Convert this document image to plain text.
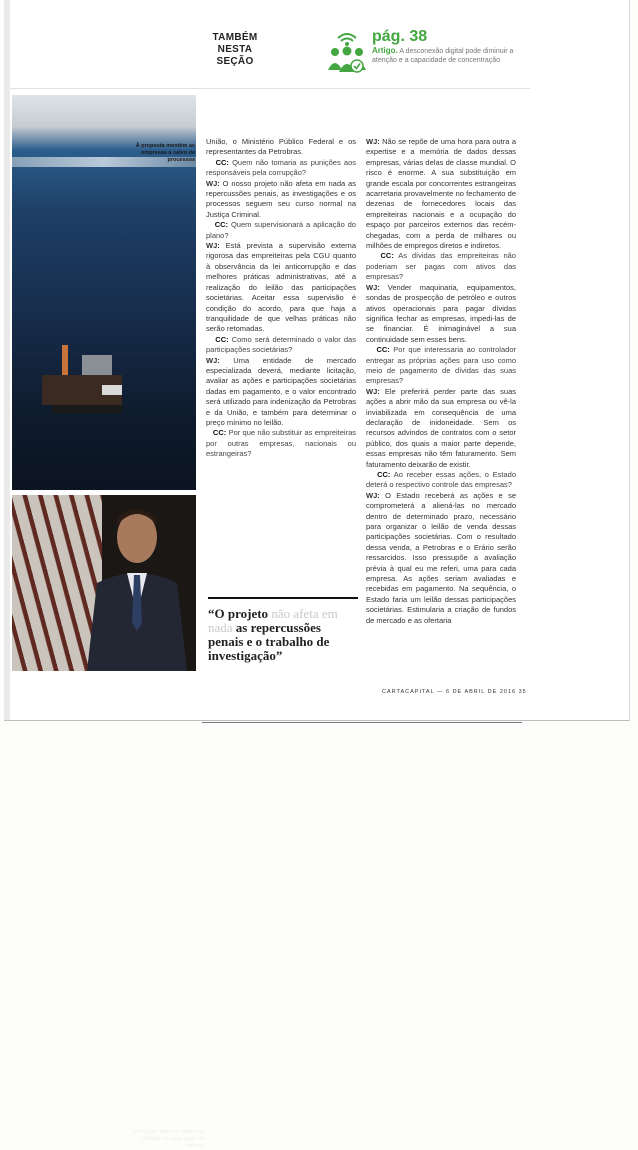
TAMBÉM
NESTA
SEÇÃO
pág. 38
Artigo. A desconexão digital pode diminuir a atenção e a capacidade de concentração
À proposta mentém as empresas à salvo de processos
Instruções finais às ações de verdade de cada parte do tribunal

União, o Ministério Público Federal e os representantes da Petrobras.

CC: Quem não tomaria as punições aos responsáveis pela corrupção?

WJ: O nosso projeto não afeta em nada as repercussões penais, as investigações e os processos seguem seu curso normal na Justiça Criminal.

CC: Quem supervisionará a aplicação do plano?

WJ: Está prevista a supervisão externa rigorosa das empreiteiras pela CGU quanto à observância da lei anticorrupção e das melhores práticas administrativas, até a realização do leilão das participações societárias. Aceitar essa supervisão é condição do acordo, para que haja a tranquilidade de que velhas práticas não serão retomadas.

CC: Como será determinado o valor das participações societárias?

WJ: Uma entidade de mercado especializada deverá, mediante licitação, avaliar as ações e participações societárias dadas em pagamento, e o valor encontrado será utilizado para indenização da Petrobras e da União, e também para determinar o preço mínimo no leilão.

CC: Por que não substituir as empreiteiras por outras empresas, nacionais ou estrangeiras?

WJ: Não se repõe de uma hora para outra a expertise e a memória de dados dessas empresas, várias delas de classe mundial. O risco é enorme. A sua substituição em grande escala por concorrentes estrangeiras acarretaria provavelmente no fechamento de dezenas de fornecedores locais das empreiteiras nacionais e a ocupação do espaço por parceiros externos das recém-chegadas, com a perda de milhares ou milhões de empregos diretos e indiretos.

CC: As dívidas das empreiteiras não poderiam ser pagas com ativos das empresas?

WJ: Vender maquinaria, equipamentos, sondas de prospecção de petróleo e outros ativos operacionais para pagar dívidas significa fechar as empresas, impedi-las de se financiar. É inimaginável a sua continuidade sem esses bens.

CC: Por que interessaria ao controlador entregar as próprias ações para uso como meio de pagamento de dívidas das suas empresas?

WJ: Ele preferirá perder parte das suas ações a abrir mão da sua empresa ou vê-la inviabilizada em consequência de uma declaração de inidoneidade. Sem os recursos advindos de contratos com o setor público, dos quais a maior parte depende, essas empresas não têm faturamento. Sem faturamento deixarão de existir.

CC: Ao receber essas ações, o Estado deterá o respectivo controle das empresas?

WJ: O Estado receberá as ações e se comprometerá a aliená-las no mercado dentro de determinado prazo, necessário para organizar o leilão de venda dessas participações societárias. Com o resultado dessa venda, a Petrobras e o Erário serão ressarcidos. Isso pressupõe a avaliação prévia à qual eu me referi, uma para cada empresa. As ações seriam avaliadas e recebidas em pagamento. Na sequência, o Estado faria um leilão dessas participações societárias. Estimularia a criação de fundos de mercado e as ofertaria

“O projeto não afeta em nada as repercussões penais e o trabalho de investigação”
CARTACAPITAL — 6 DE ABRIL DE 2016 35
